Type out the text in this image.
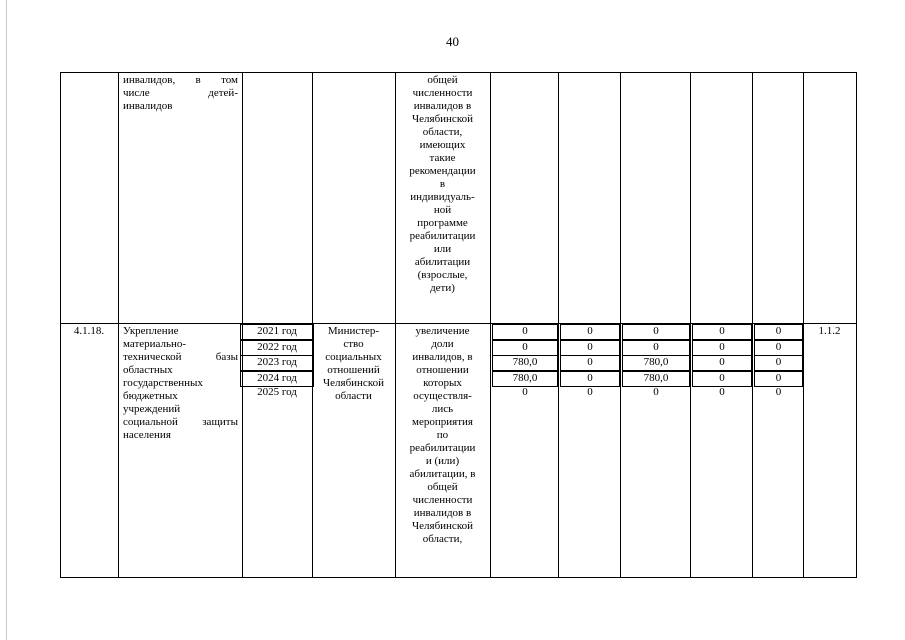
40
инвалидов, в том
числе детей-
инвалидов
общей
численности
инвалидов в
Челябинской
области,
имеющих
такие
рекомендации
в
индивидуаль-
ной
программе
реабилитации
или
абилитации
(взрослые,
дети)
4.1.18.	Укрепление
материально-
технической базы
областных
государственных
бюджетных
учреждений
социальной защиты
населения
Министер-
ство
социальных
отношений
Челябинской
области
увеличение
доли
инвалидов, в
отношении
которых
осуществля-
лись
мероприятия
по
реабилитации
и (или)
абилитации, в
общей
численности
инвалидов в
Челябинской
области,
1.1.2
2021 год
2022 год
2023 год
2024 год
2025 год
0
0
780,0
780,0
0
0
0
0
0
0
0
0
780,0
780,0
0
0
0
0
0
0
0
0
0
0
0
